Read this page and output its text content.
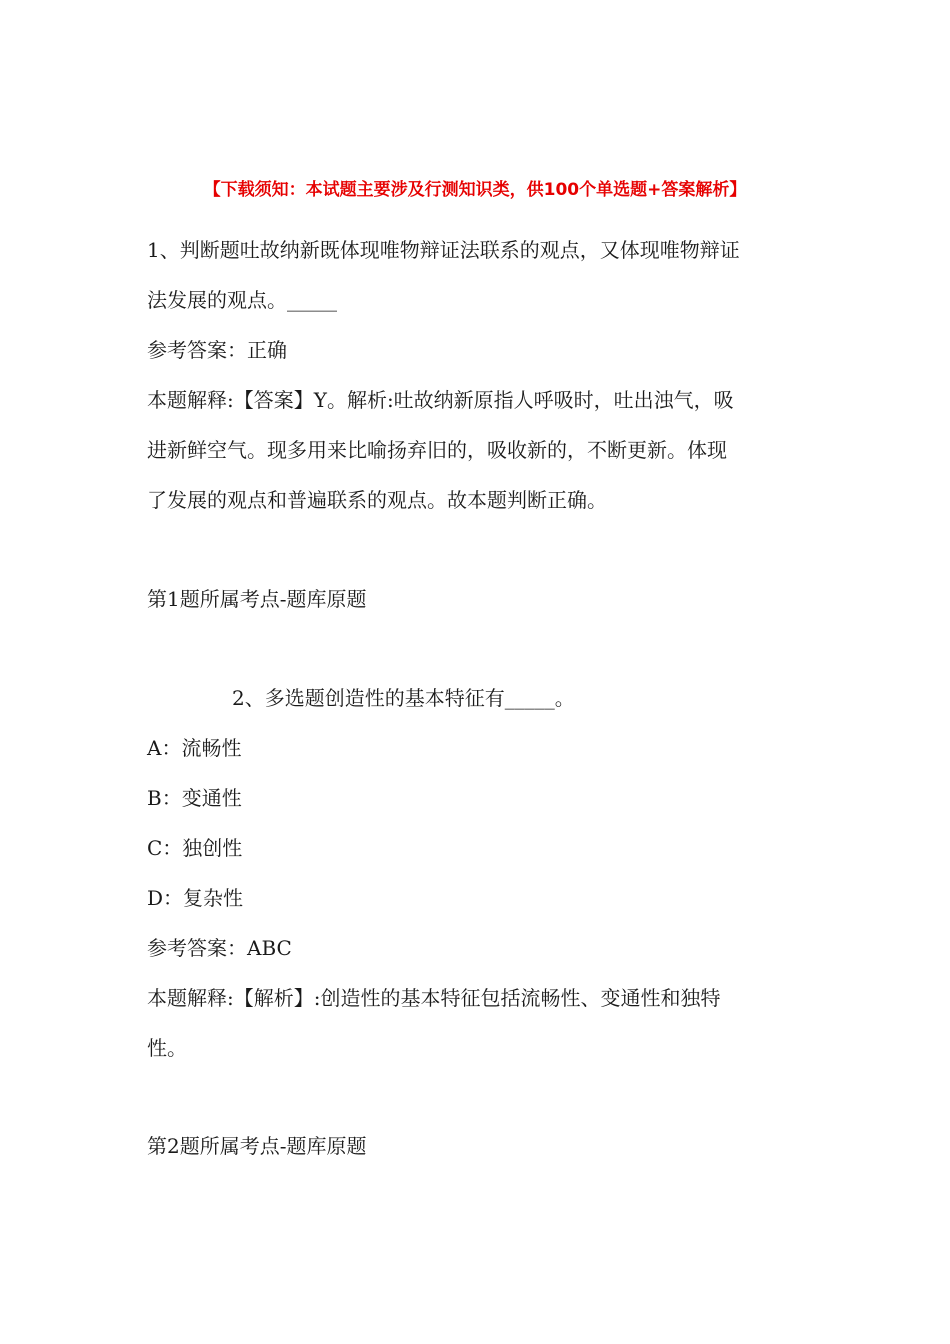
【下载须知：本试题主要涉及行测知识类，供100个单选题+答案解析】
1、判断题吐故纳新既体现唯物辩证法联系的观点，又体现唯物辩证
法发展的观点。_____
参考答案：正确
本题解释:【答案】Y。解析:吐故纳新原指人呼吸时，吐出浊气，吸
进新鲜空气。现多用来比喻扬弃旧的，吸收新的，不断更新。体现
了发展的观点和普遍联系的观点。故本题判断正确。
第1题所属考点-题库原题
2、多选题创造性的基本特征有_____。
A：流畅性
B：变通性
C：独创性
D：复杂性
参考答案：ABC
本题解释:【解析】:创造性的基本特征包括流畅性、变通性和独特
性。
第2题所属考点-题库原题
